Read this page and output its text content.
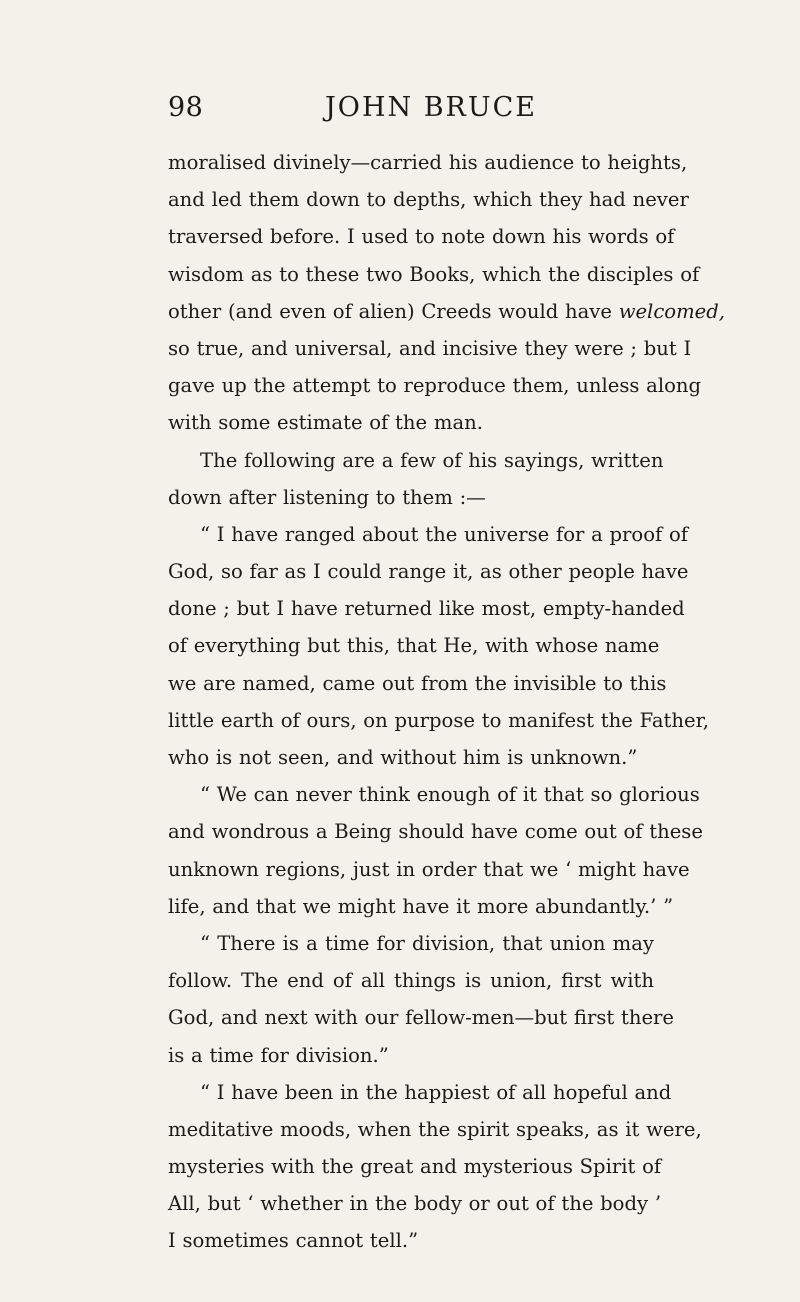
98	JOHN BRUCE
moralised divinely—carried his audience to heights,
and led them down to depths, which they had never
traversed before. I used to note down his words of
wisdom as to these two Books, which the disciples of
other (and even of alien) Creeds would have welcomed,
so true, and universal, and incisive they were ; but I
gave up the attempt to reproduce them, unless along
with some estimate of the man.
The following are a few of his sayings, written
down after listening to them :—
“ I have ranged about the universe for a proof of
God, so far as I could range it, as other people have
done ; but I have returned like most, empty-handed
of everything but this, that He, with whose name
we are named, came out from the invisible to this
little earth of ours, on purpose to manifest the Father,
who is not seen, and without him is unknown.”
“ We can never think enough of it that so glorious
and wondrous a Being should have come out of these
unknown regions, just in order that we ‘ might have
life, and that we might have it more abundantly.’ ”
“ There is a time for division, that union may
follow. The end of all things is union, first with
God, and next with our fellow-men—but first there
is a time for division.”
“ I have been in the happiest of all hopeful and
meditative moods, when the spirit speaks, as it were,
mysteries with the great and mysterious Spirit of
All, but ‘ whether in the body or out of the body ’
I sometimes cannot tell.”
